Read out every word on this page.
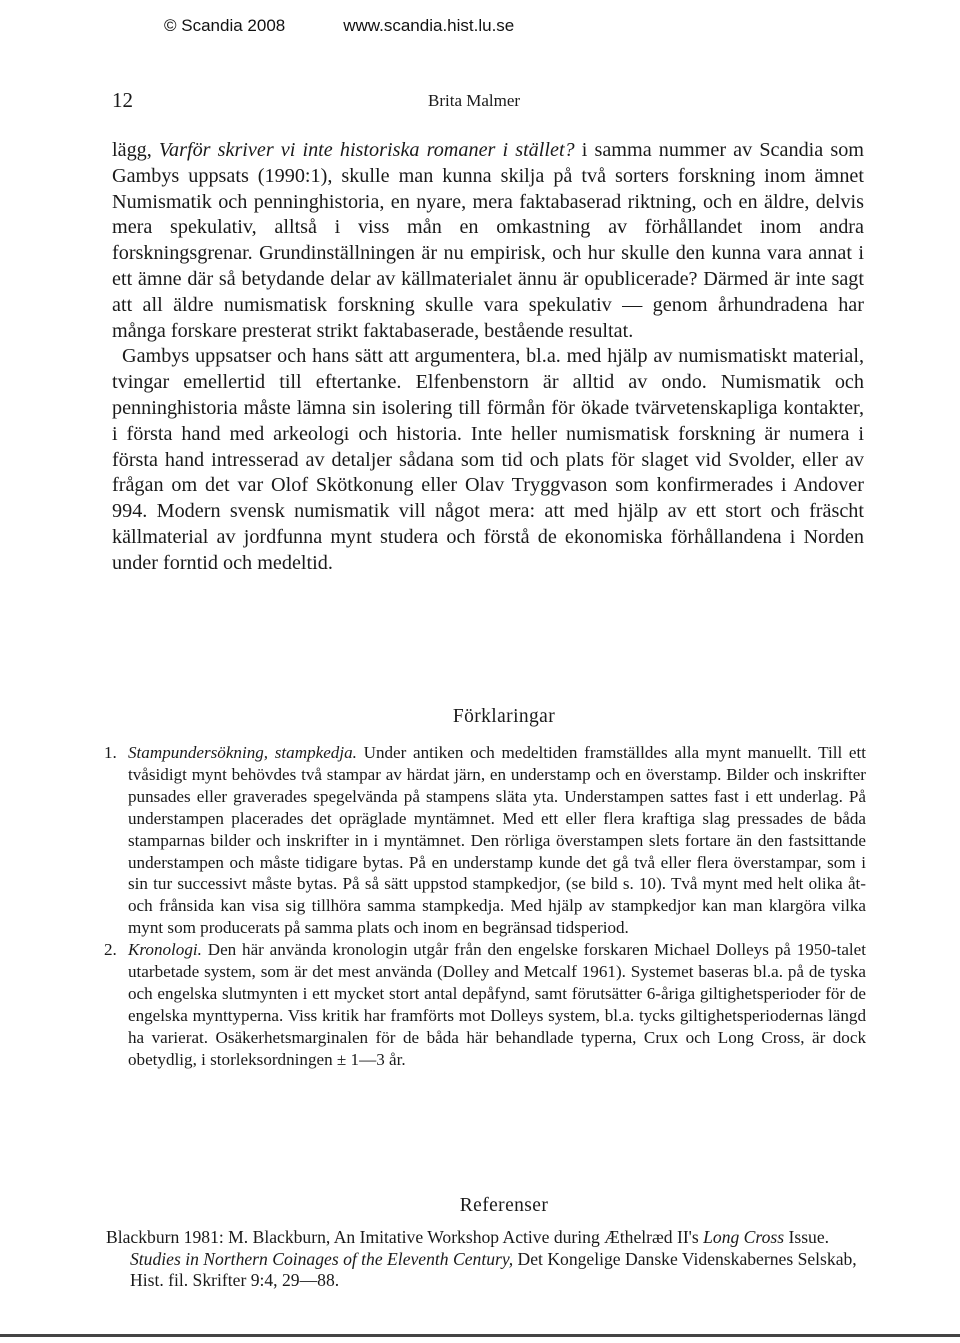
© Scandia 2008	www.scandia.hist.lu.se
12	Brita Malmer

lägg, Varför skriver vi inte historiska romaner i stället? i samma nummer av Scandia som Gambys uppsats (1990:1), skulle man kunna skilja på två sorters forskning inom ämnet Numismatik och penninghistoria, en nyare, mera faktabaserad riktning, och en äldre, delvis mera spekulativ, alltså i viss mån en omkastning av förhållandet inom andra forskningsgrenar. Grundinställningen är nu empirisk, och hur skulle den kunna vara annat i ett ämne där så betydande delar av källmaterialet ännu är opublicerade? Därmed är inte sagt att all äldre numismatisk forskning skulle vara spekulativ — genom århundradena har många forskare presterat strikt faktabaserade, bestående resultat.

Gambys uppsatser och hans sätt att argumentera, bl.a. med hjälp av numismatiskt material, tvingar emellertid till eftertanke. Elfenbenstorn är alltid av ondo. Numismatik och penninghistoria måste lämna sin isolering till förmån för ökade tvärvetenskapliga kontakter, i första hand med arkeologi och historia. Inte heller numismatisk forskning är numera i första hand intresserad av detaljer sådana som tid och plats för slaget vid Svolder, eller av frågan om det var Olof Skötkonung eller Olav Tryggvason som konfirmerades i Andover 994. Modern svensk numismatik vill något mera: att med hjälp av ett stort och fräscht källmaterial av jordfunna mynt studera och förstå de ekonomiska förhållandena i Norden under forntid och medeltid.

Förklaringar
1. Stampundersökning, stampkedja. Under antiken och medeltiden framställdes alla mynt manuellt. Till ett tvåsidigt mynt behövdes två stampar av härdat järn, en understamp och en överstamp. Bilder och inskrifter punsades eller graverades spegelvända på stampens släta yta. Understampen sattes fast i ett underlag. På understampen placerades det opräglade myntämnet. Med ett eller flera kraftiga slag pressades de båda stamparnas bilder och inskrifter in i myntämnet. Den rörliga överstampen slets fortare än den fastsittande understampen och måste tidigare bytas. På en understamp kunde det gå två eller flera överstampar, som i sin tur successivt måste bytas. På så sätt uppstod stampkedjor, (se bild s. 10). Två mynt med helt olika åt- och frånsida kan visa sig tillhöra samma stampkedja. Med hjälp av stampkedjor kan man klargöra vilka mynt som producerats på samma plats och inom en begränsad tidsperiod.
2. Kronologi. Den här använda kronologin utgår från den engelske forskaren Michael Dolleys på 1950-talet utarbetade system, som är det mest använda (Dolley and Metcalf 1961). Systemet baseras bl.a. på de tyska och engelska slutmynten i ett mycket stort antal depåfynd, samt förutsätter 6-åriga giltighetsperioder för de engelska mynttyperna. Viss kritik har framförts mot Dolleys system, bl.a. tycks giltighetsperiodernas längd ha varierat. Osäkerhetsmarginalen för de båda här behandlade typerna, Crux och Long Cross, är dock obetydlig, i storleksordningen ± 1—3 år.
Referenser

Blackburn 1981: M. Blackburn, An Imitative Workshop Active during Æthelræd II's Long Cross Issue. Studies in Northern Coinages of the Eleventh Century, Det Kongelige Danske Videnskabernes Selskab, Hist. fil. Skrifter 9:4, 29—88.
